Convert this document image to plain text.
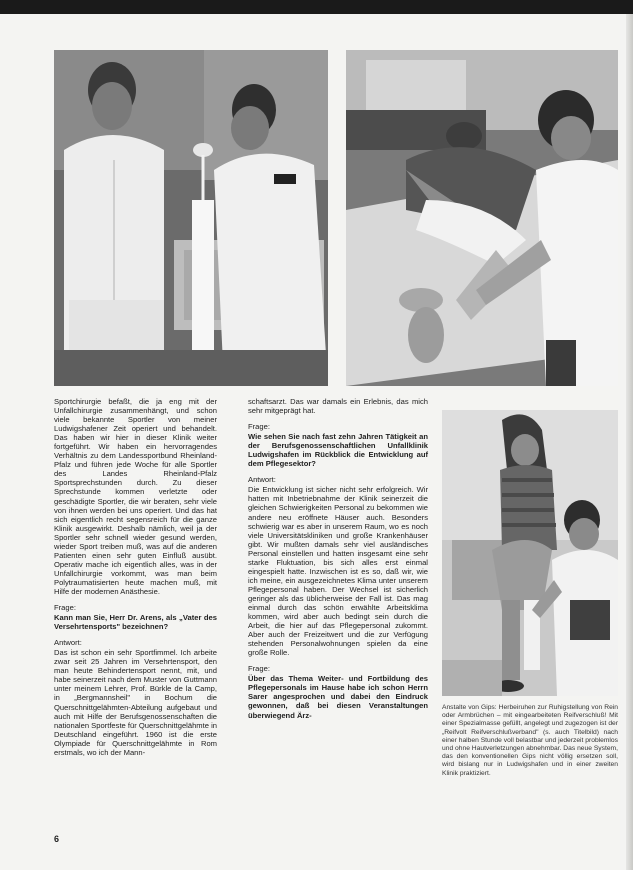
Sportchirurgie befaßt, die ja eng mit der Unfallchirurgie zusammenhängt, und schon viele bekannte Sportler von meiner Ludwigshafener Zeit operiert und behandelt. Das haben wir hier in dieser Klinik weiter fortgeführt. Wir haben ein hervorragendes Verhältnis zu dem Landessportbund Rheinland-Pfalz und führen jede Woche für alle Sportler des Landes Rheinland-Pfalz Sportsprechstunden durch. Zu dieser Sprechstunde kommen verletzte oder geschädigte Sportler, die wir beraten, sehr viele von ihnen werden bei uns operiert. Und das hat sich eigentlich recht segensreich für die ganze Klinik ausgewirkt. Deshalb nämlich, weil ja der Sportler sehr schnell wieder gesund werden, wieder Sport treiben muß, was auf die anderen Patienten einen sehr guten Einfluß ausübt. Operativ mache ich eigentlich alles, was in der Unfallchirurgie vorkommt, was man beim Polytraumatisierten heute machen muß, mit Hilfe der modernen Anästhesie.

Frage:

Kann man Sie, Herr Dr. Arens, als „Vater des Versehrtensports" bezeichnen?

Antwort:

Das ist schon ein sehr Sportfimmel. Ich arbeite zwar seit 25 Jahren im Versehrtensport, den man heute Behindertensport nennt, mit, und habe seinerzeit nach dem Muster von Guttmann unter meinem Lehrer, Prof. Bürkle de la Camp, in „Bergmannsheil" in Bochum die Querschnittgelähmten-Abteilung aufgebaut und auch mit Hilfe der Berufsgenossenschaften die nationalen Sportfeste für Querschnittgelähmte in Deutschland eingeführt. 1960 ist die erste Olympiade für Querschnittgelähmte in Rom erstmals, wo ich der Mann-

schaftsarzt. Das war damals ein Erlebnis, das mich sehr mitgeprägt hat.

Frage:

Wie sehen Sie nach fast zehn Jahren Tätigkeit an der Berufsgenossenschaftlichen Unfallklinik Ludwigshafen im Rückblick die Entwicklung auf dem Pflegesektor?

Antwort:

Die Entwicklung ist sicher nicht sehr erfolgreich. Wir hatten mit Inbetriebnahme der Klinik seinerzeit die gleichen Schwierigkeiten Personal zu bekommen wie andere neu eröffnete Häuser auch. Besonders schwierig war es aber in unserem Raum, wo es noch viele Universitätskliniken und große Krankenhäuser gibt. Wir mußten damals sehr viel ausländisches Personal einstellen und hatten insgesamt eine sehr starke Fluktuation, bis sich alles erst einmal eingespielt hatte. Inzwischen ist es so, daß wir, wie ich meine, ein ausgezeichnetes Klima unter unserem Pflegepersonal haben. Der Wechsel ist sicherlich geringer als das üblicherweise der Fall ist. Das mag einmal durch das schön erwählte Arbeitsklima kommen, wird aber auch bedingt sein durch die Arbeit, die hier auf das Pflegepersonal zukommt. Aber auch der Freizeitwert und die zur Verfügung stehenden Personalwohnungen spielen da eine große Rolle.

Frage:

Über das Thema Weiter- und Fortbildung des Pflegepersonals im Hause habe ich schon Herrn Sarer angesprochen und dabei den Eindruck gewonnen, daß bei diesen Veranstaltungen überwiegend Ärz-

Anstalte von Gips: Herbeiruhen zur Ruhigstellung von Rein oder Armbrüchen – mit eingearbeiteten Reifverschluß! Mit einer Spezialmasse gefüllt, angelegt und zugezogen ist der „Reifvolt Reifverschlußverband" (s. auch Titelbild) nach einer halben Stunde voll belastbar und jederzeit problemlos und ohne Hautverletzungen abnehmbar. Das neue System, das den konventionellen Gips nicht völlig ersetzen soll, wird bislang nur in Ludwigshafen und in einer zweiten Klinik praktiziert.
6
